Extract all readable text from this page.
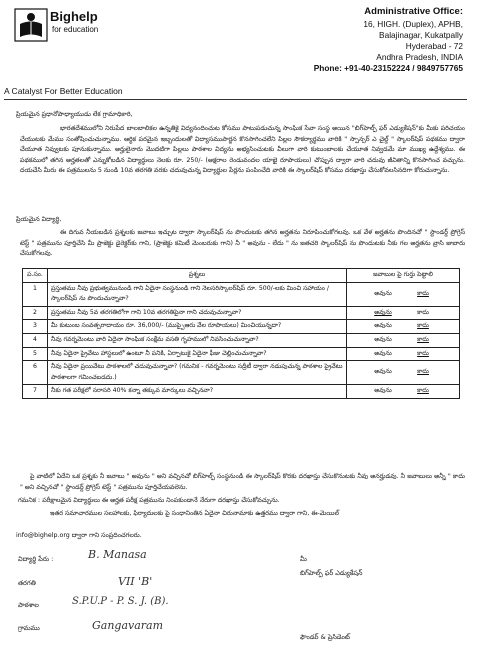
Bighelp
for education
A Catalyst For Better Education
Administrative Office:
16, HIGH. (Duplex), APHB,
Balajinagar, Kukatpally
Hyderabad - 72
Andhra Pradesh, INDIA
Phone: +91-40-23152224 / 9849757765
ప్రియమైన ప్రధానోపాధ్యాయుడు లేక గ్రామాధికారి,
భారతదేశములోని నిరుపేద బాలబాలికల ఉన్నతికై విద్యనందించుట కోసము పాటుపడుచున్న సాంఘిక సేవా సంస్థ అయిన "బిగ్‌హెల్ప్ ఫర్ ఎడ్యుకేషన్"కు మీకు పరిచయం చేయుటకు మేము సంతోషించుచున్నాము. ఆర్థిక పరమైన ఇబ్బందులతో విద్యాసముపార్జన కొనసాగించలేని పిల్లల సౌకర్యార్థము వారికి " స్పాన్సర్ ఎ చైల్డ్ " స్కాలర్‌షిప్ పథకము ద్వారా చేయూత నివ్వుటకు పూనుకున్నాము. అర్హులైనారు మొదటిగా పిల్లలు పాఠశాల విద్యను అభ్యసించుటకు వీలుగా వారి కుటుంబాలకు చేయూత నివ్వడమే మా ముఖ్య ఉద్దేశ్యము. ఈ పథకములో తగిన అర్హతలతో ఎన్నుకోబడిన విద్యార్థులు నెలకు రూ. 250/- (అక్షరాల రెండువందల యాభై రూపాయలు) చొప్పున ద్వారా వారి చదువు జీవితాన్ని కొనసాగించ వచ్చును. దయచేసి మీరు ఈ పత్రములను 5 నుండి 10వ తరగతి వరకు చదువుచున్న విద్యార్థుల పేర్లను పంపించేది వారికి ఈ స్కాలర్‌షిప్ కోసము దరఖాస్తు చేసుకోవలసినదిగా కోరుచున్నాను.
ప్రియమైన విద్యార్థి,
ఈ దిగువ నీయబడిన ప్రశ్నలకు జవాబు ఇచ్చుట ద్వారా స్కాలర్‌షిప్ ను పొందుటకు తగిన అర్హతను నిరూపించుకోగలవు. ఒక వేళ అర్హతను పొందినచో " స్టాండర్డ్ ప్రోగ్రెస్ టెస్ట్ " పత్రమును పూర్తిచేసి మీ ప్రాజెక్టు డైరెక్టర్‌కు గాని, (ప్రాజెక్టు కమిటీ మెంబరుకు గాని) నీ " అవును - లేదు " ను జతచరి స్కాలర్‌షిప్ ను పొందుటకు నీకు గల అర్హతను వ్రాసి జుబారు చేసుకోగలవు.
ప.సం.	ప్రశ్నలు	జవాబుల పై గుర్తు పెట్టాలి
1	ప్రస్తుతము నీవు ప్రభుత్వమునుండి గాని ఏదైనా సంస్థనుండి గాని నెలసరిస్కాలర్‌షిప్ రూ. 500/-లకు మించి సహాయం / స్కాలర్‌షిప్ ను పొందుచున్నావా?	అవును కాదు
2	ప్రస్తుతము నీవు 5వ తరగతిలోగా గాని 10వ తరగతిపైనా గాని చదువుచున్నావా?	అవును కాదు
3	మీ కుటుంబ సంవత్సరాదాయం రూ. 36,000/- (ముప్పైఆరు వేల రూపాయలు) మించియున్నదా?	అవును కాదు
4	నీవు గవర్నమెంటు వారి ఏదైనా సాంఘిక సంక్షేమ వసతి గృహములో నివసించుచున్నావా?	అవును కాదు
5	నీవు ఏదైనా ప్రైవేటు హాస్టలులో ఉంటూ నీ పనికి, ఏర్పాటుకై ఏదైనా ఫీజు చెల్లించుచున్నావా?	అవును కాదు
6	నీవు ఏదైనా ప్రయివేటు పాఠశాలలో చదువుచున్నావా? (గమనిక - గవర్నమెంటు సద్రీటీ ద్వారా నడుపుచున్న పాఠశాల ప్రైవేటు పాఠశాలగా గమించబడదు.)	అవును కాదు
7	నీకు గత పరీక్షలో సరాసరి 40% కన్నా తక్కువ మార్కులు వచ్చినవా?	అవును కాదు
పై వాటిలో ఏదేని ఒక ప్రశ్నకు నీ జవాబు " అవును " అని వచ్చినచో బిగ్‌హెల్ప్ సంస్థనుండి ఈ స్కాలర్‌షిప్ కొరకు దరఖాస్తు చేసుకొనుటకు నీవు అనర్హుడవు. నీ జవాబులు అన్నీ " కాదు " అని వచ్చినచో " స్టాండర్డ్ ప్రోగ్రెస్ టెస్ట్ " పత్రమును పూర్తిచేయవలెను.
గమనిక : పరీక్షాలమైన విద్యార్థులు ఈ అర్హత పరీక్ష పత్రమును నింపకుండానే నేరుగా దరఖాస్తు చేసుకోవచ్చును.
ఇతర సమాచారముల సలహాలకు, ఫిర్యాదులకు పై సంధానింతిన ఏదైనా చిరునామాకు ఉత్తరము ద్వారా గాని, ఈ-మెయిల్
info@bighelp.org ద్వారా గాని సంప్రదించగలరు.
విద్యార్థి పేరు :	B. Manasa
తరగతి	VII 'B'
పాఠశాల	S.P.U.P - P. S. J. (B).
గ్రామము	Gangavaram
మీ
బిగ్‌హెల్ప్ ఫర్ ఎడ్యుకేషన్
ఫౌండర్ & ప్రెసిడెంట్
